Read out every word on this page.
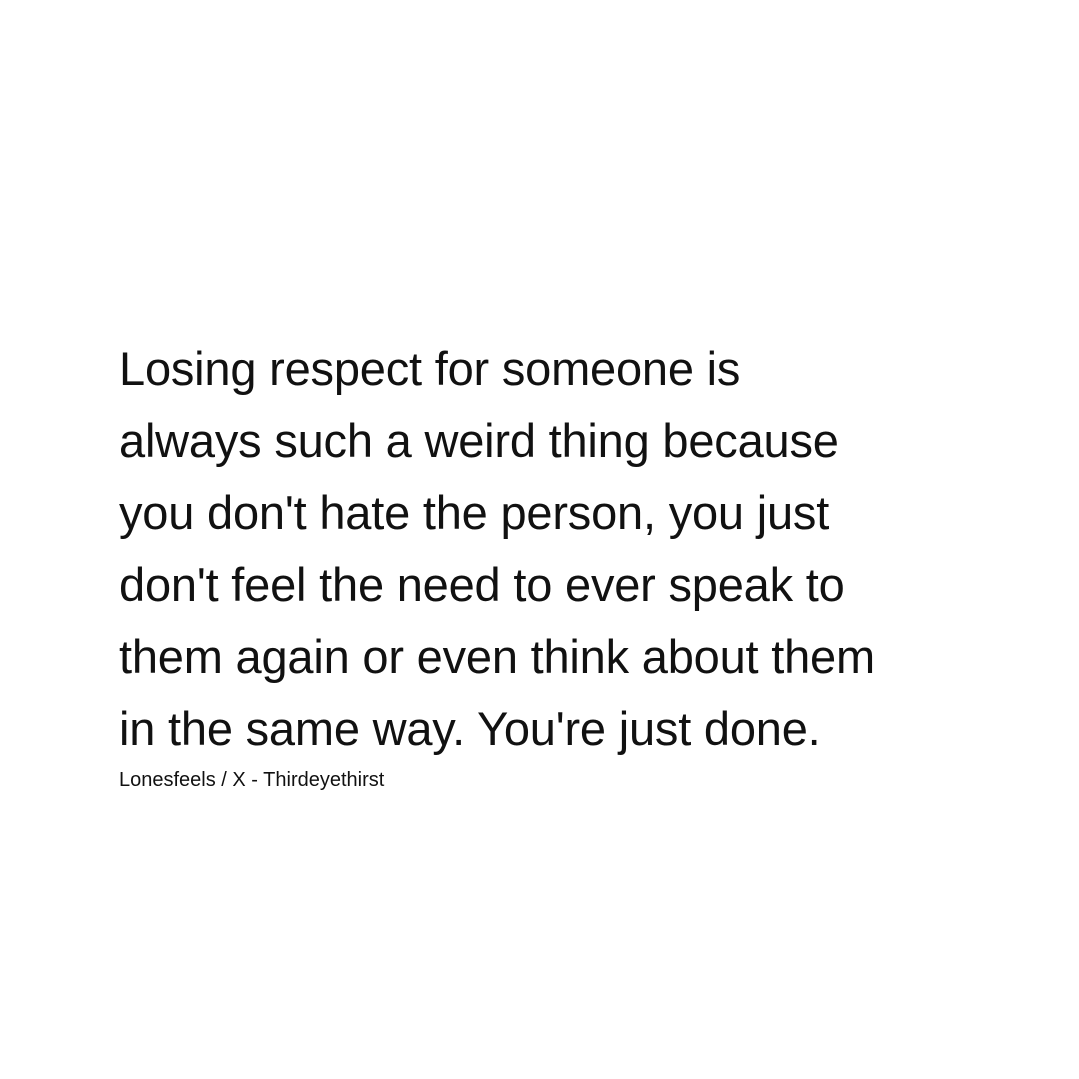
Losing respect for someone is
always such a weird thing because
you don't hate the person, you just
don't feel the need to ever speak to
them again or even think about them
in the same way. You're just done.
Lonesfeels / X - Thirdeyethirst
